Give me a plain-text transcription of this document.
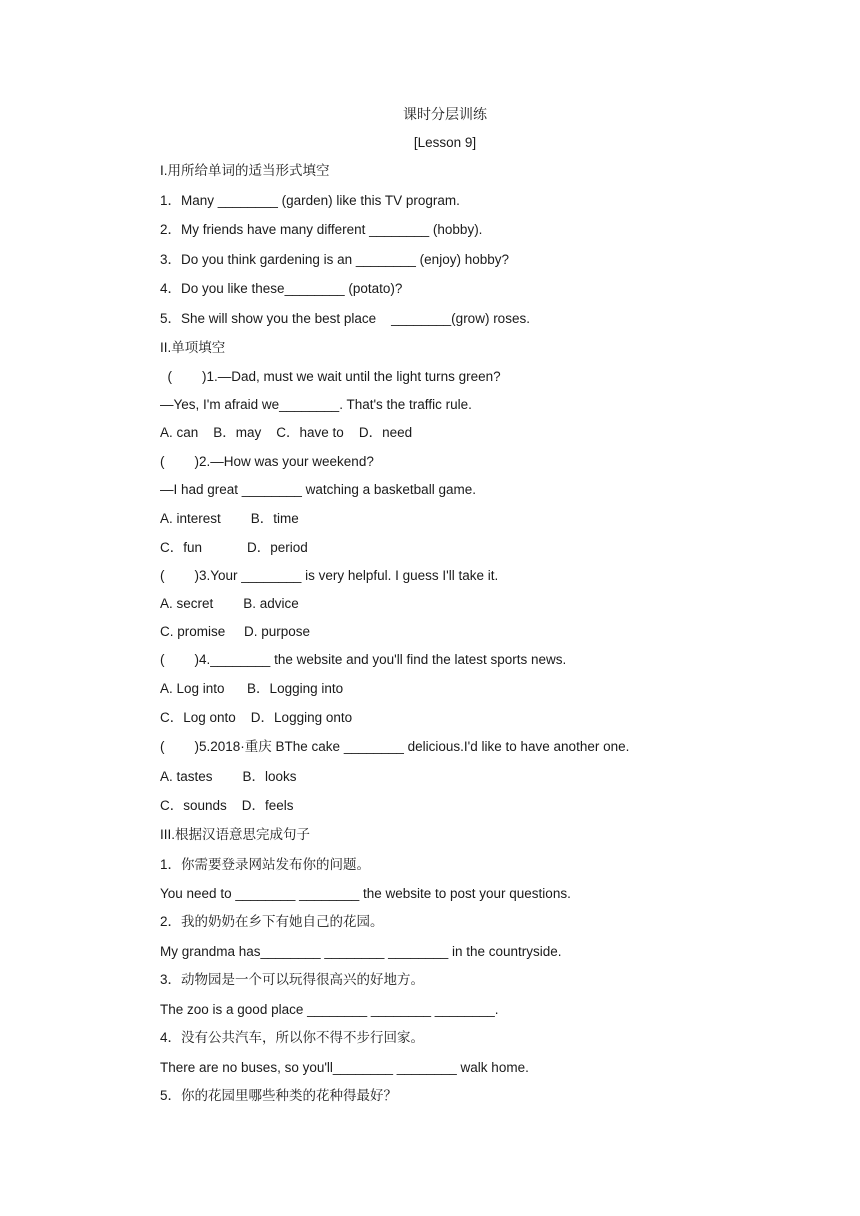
课时分层训练
[Lesson 9]
I.用所给单词的适当形式填空
1．Many ________ (garden) like this TV program.
2．My friends have many different ________ (hobby).
3．Do you think gardening is an ________ (enjoy) hobby?
4．Do you like these________ (potato)?
5．She will show you the best place    ________(grow) roses.
II.单项填空
(        )1.—Dad, must we wait until the light turns green?
—Yes, I'm afraid we________. That's the traffic rule.
A. can    B．may    C．have to    D．need
(        )2.—How was your weekend?
—I had great ________ watching a basketball game.
A. interest        B．time
C．fun            D．period
(        )3.Your ________ is very helpful. I guess I'll take it.
A. secret        B. advice
C. promise     D. purpose
(        )4.________ the website and you'll find the latest sports news.
A. Log into      B．Logging into
C．Log onto    D．Logging onto
(        )5.2018·重庆 BThe cake ________ delicious.I'd like to have another one.
A. tastes        B．looks
C．sounds    D．feels
III.根据汉语意思完成句子
1．你需要登录网站发布你的问题。
You need to ________ ________ the website to post your questions.
2．我的奶奶在乡下有她自己的花园。
My grandma has________ ________ ________ in the countryside.
3．动物园是一个可以玩得很高兴的好地方。
The zoo is a good place ________ ________ ________.
4．没有公共汽车，所以你不得不步行回家。
There are no buses, so you'll________ ________ walk home.
5．你的花园里哪些种类的花种得最好？
